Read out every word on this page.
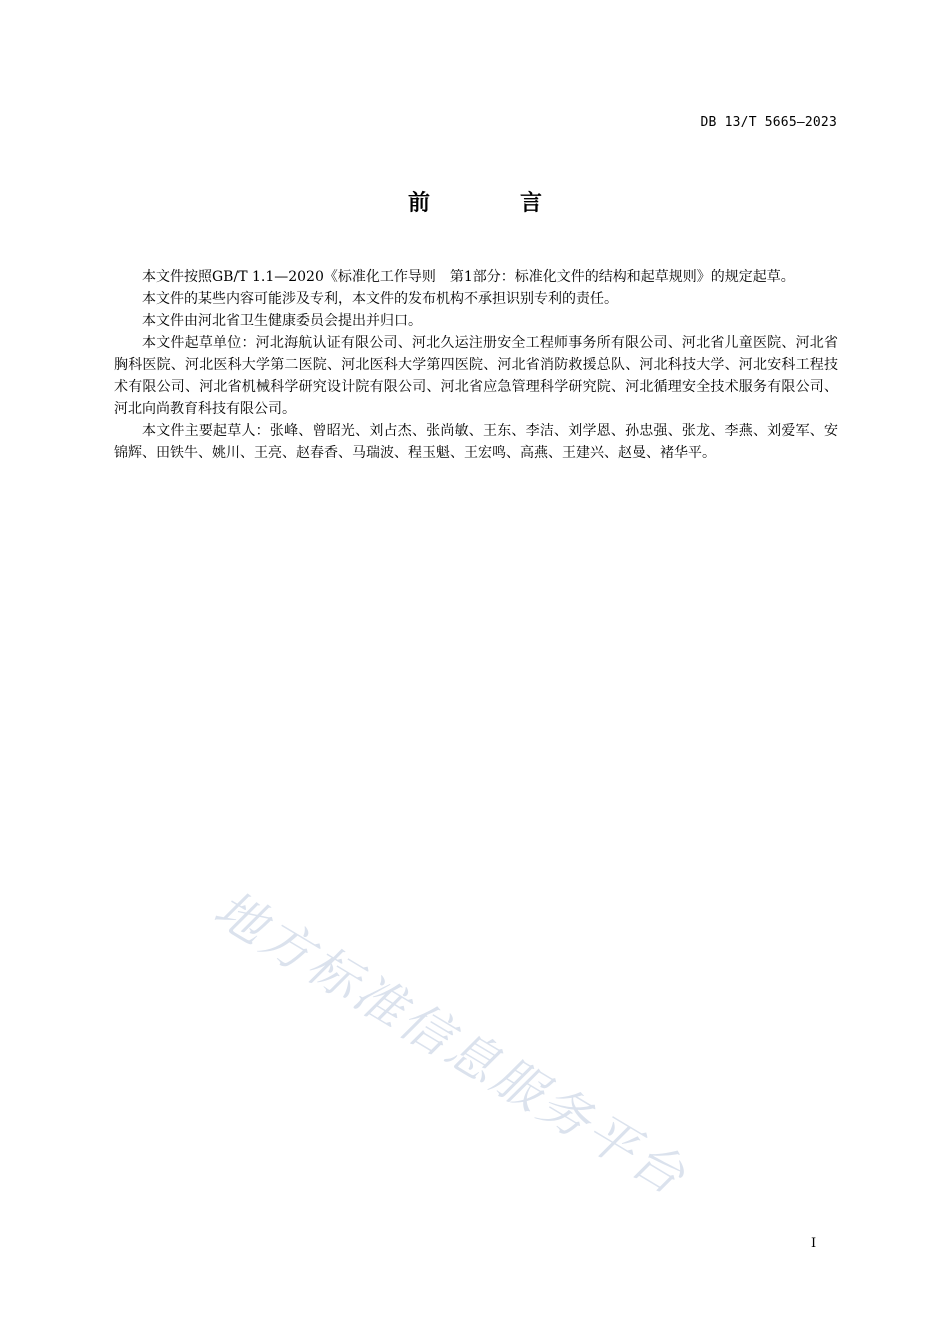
DB 13/T 5665—2023
前　言

本文件按照GB/T 1.1—2020《标准化工作导则　第1部分：标准化文件的结构和起草规则》的规定起草。

本文件的某些内容可能涉及专利，本文件的发布机构不承担识别专利的责任。

本文件由河北省卫生健康委员会提出并归口。

本文件起草单位：河北海航认证有限公司、河北久运注册安全工程师事务所有限公司、河北省儿童医院、河北省胸科医院、河北医科大学第二医院、河北医科大学第四医院、河北省消防救援总队、河北科技大学、河北安科工程技术有限公司、河北省机械科学研究设计院有限公司、河北省应急管理科学研究院、河北循理安全技术服务有限公司、河北向尚教育科技有限公司。

本文件主要起草人：张峰、曾昭光、刘占杰、张尚敏、王东、李洁、刘学恩、孙忠强、张龙、李燕、刘爱军、安锦辉、田铁牛、姚川、王亮、赵春香、马瑞波、程玉魁、王宏鸣、高燕、王建兴、赵曼、褚华平。

地方标准信息服务平台
I
